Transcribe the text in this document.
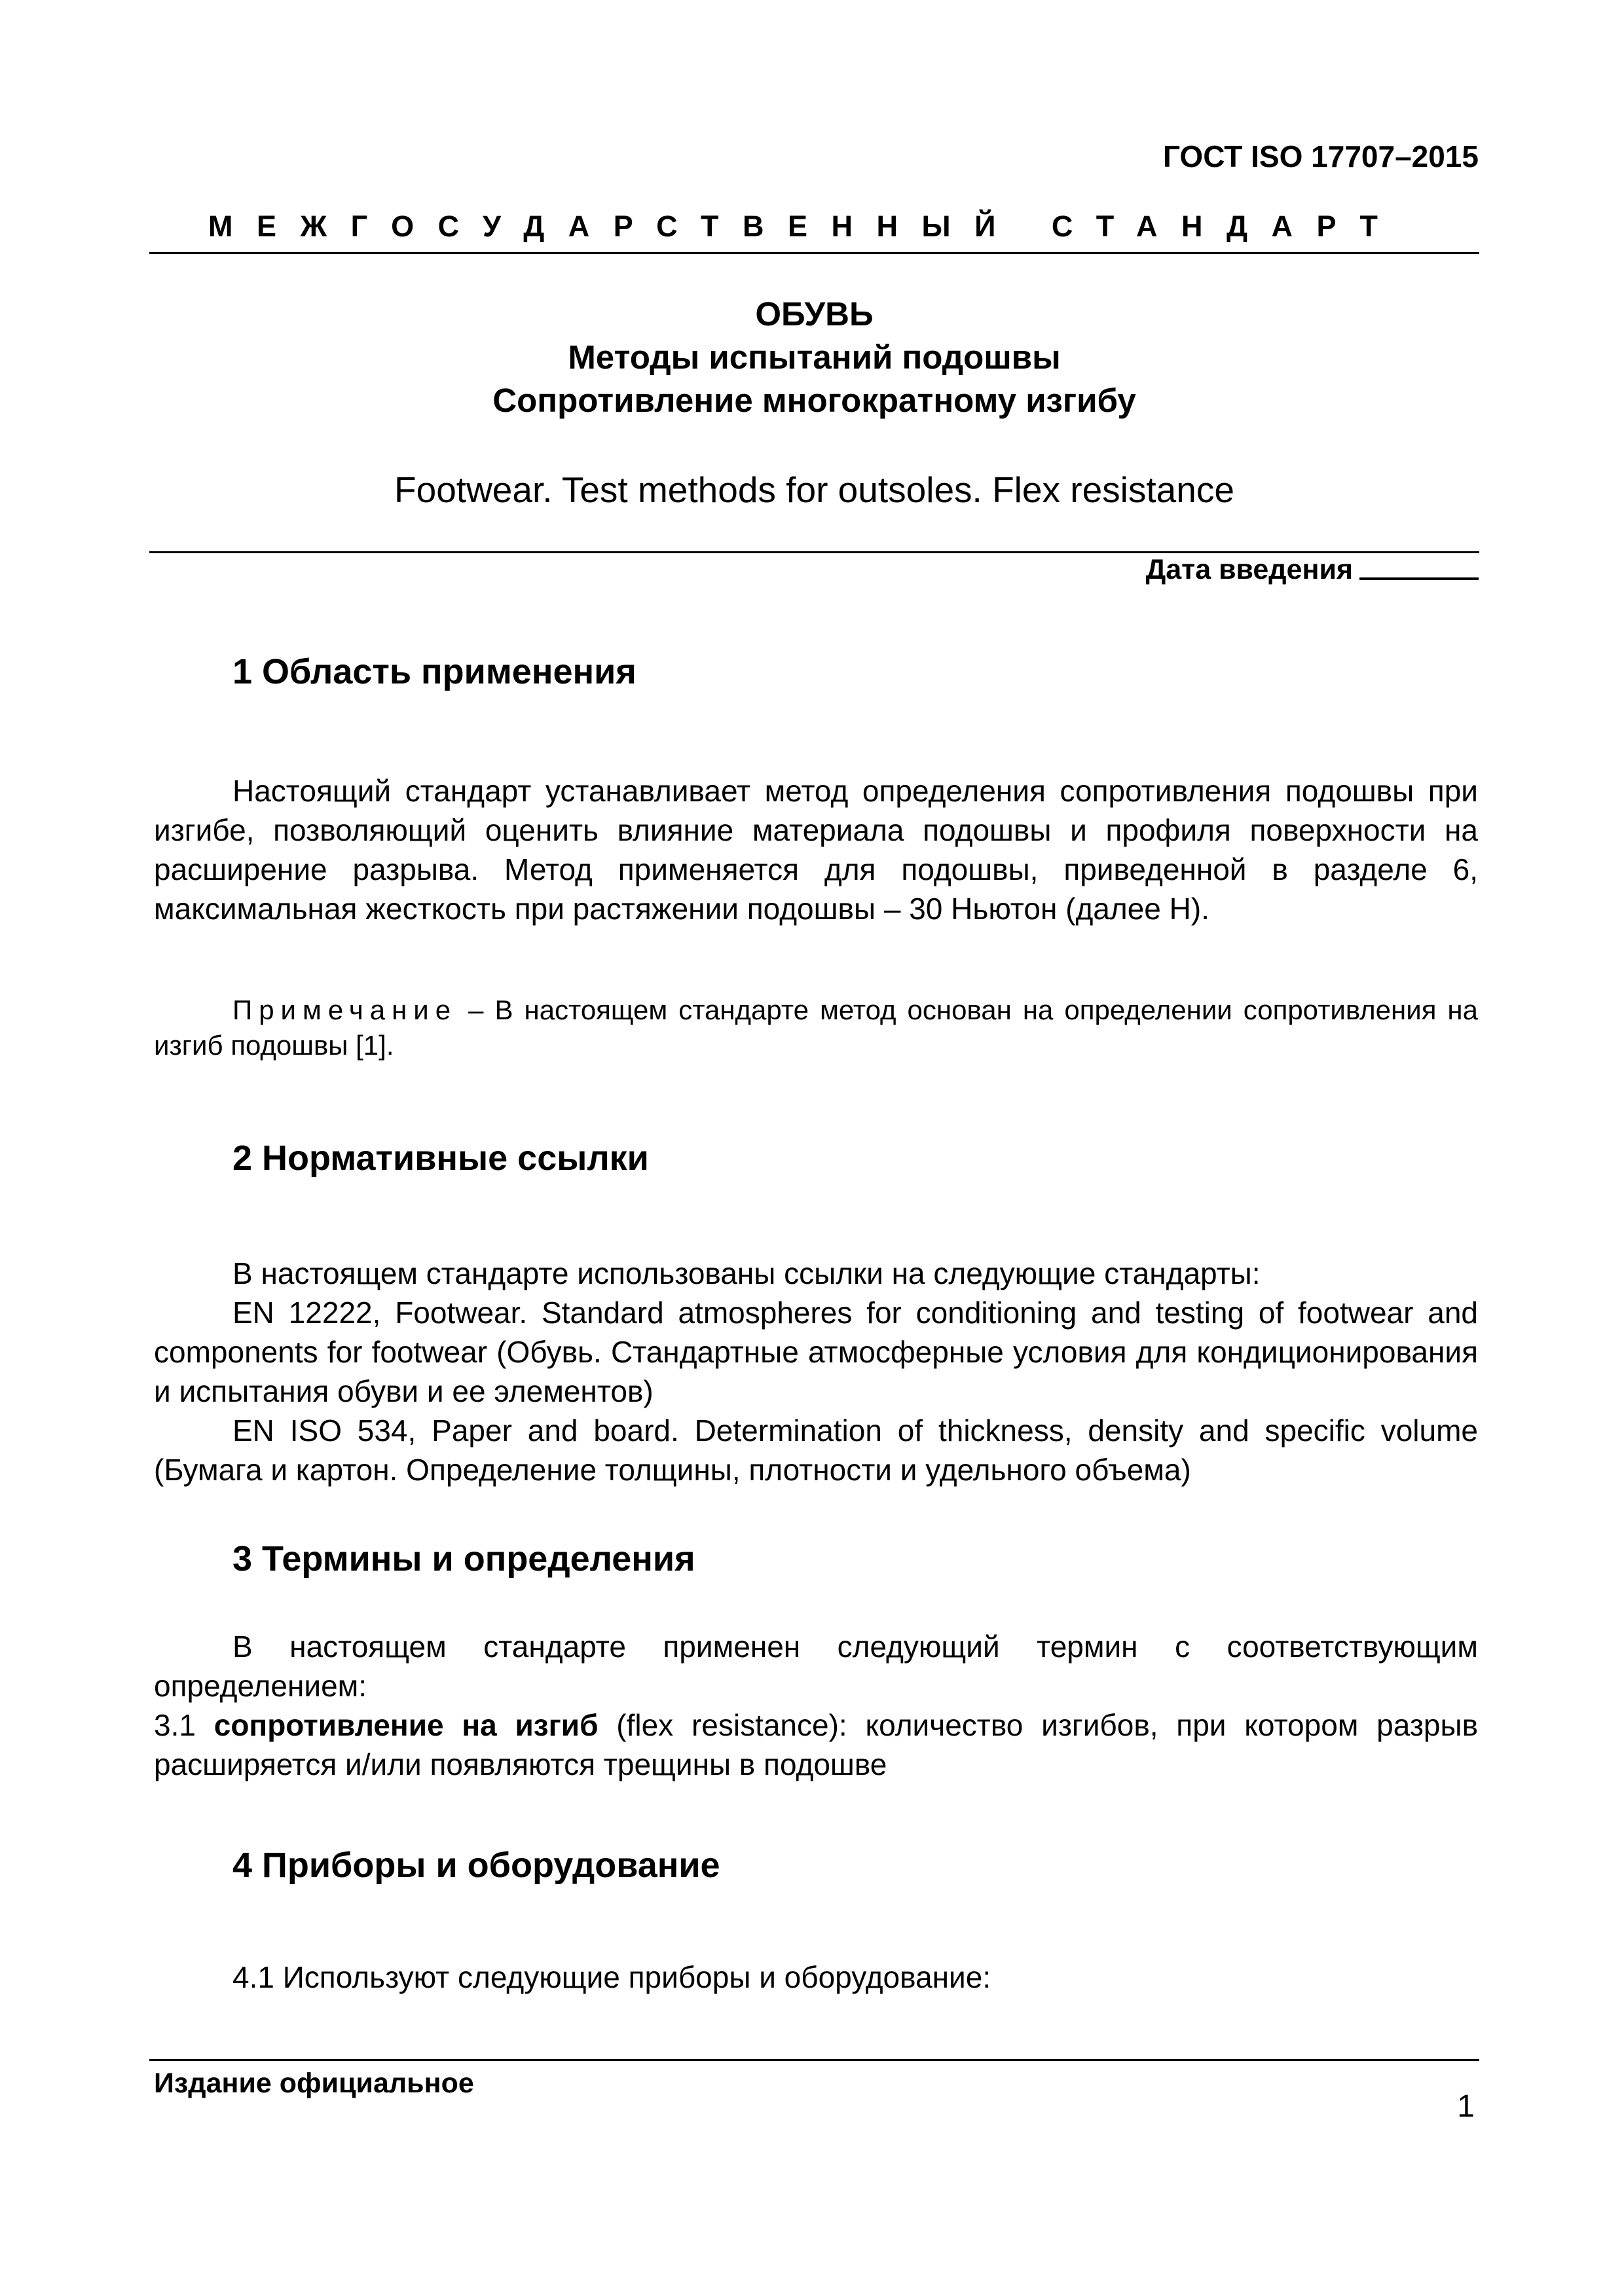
ГОСТ ISO 17707–2015
МЕЖГОСУДАРСТВЕННЫЙ СТАНДАРТ
ОБУВЬ
Методы испытаний подошвы
Сопротивление многократному изгибу
Footwear. Test methods for outsoles. Flex resistance
Дата введения
1 Область применения

Настоящий стандарт устанавливает метод определения сопротивления подошвы при изгибе, позволяющий оценить влияние материала подошвы и профиля поверхности на расширение разрыва. Метод применяется для подошвы, приведенной в разделе 6, максимальная жесткость при растяжении подошвы – 30 Ньютон (далее Н).

Примечание – В настоящем стандарте метод основан на определении сопротивления на изгиб подошвы [1].

2 Нормативные ссылки

В настоящем стандарте использованы ссылки на следующие стандарты:

EN 12222, Footwear. Standard atmospheres for conditioning and testing of footwear and components for footwear (Обувь. Стандартные атмосферные условия для кондиционирования и испытания обуви и ее элементов)

EN ISO 534, Paper and board. Determination of thickness, density and specific volume (Бумага и картон. Определение толщины, плотности и удельного объема)

3 Термины и определения

В настоящем стандарте применен следующий термин с соответствующим определением:

3.1 сопротивление на изгиб (flex resistance): количество изгибов, при котором разрыв расширяется и/или появляются трещины в подошве

4 Приборы и оборудование

4.1 Используют следующие приборы и оборудование:

Издание официальное
1
